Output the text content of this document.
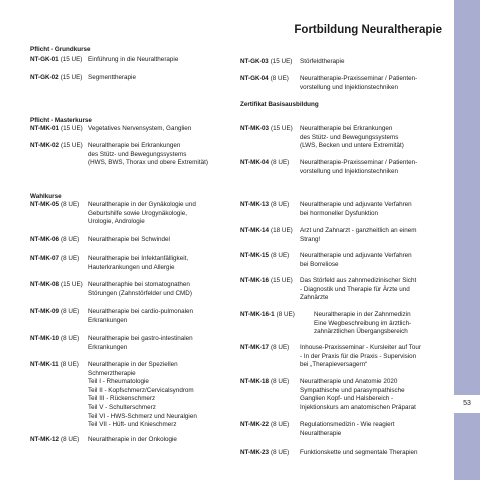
53
Fortbildung Neuraltherapie
Pflicht - Grundkurse
Pflicht - Masterkurse
Zertifikat Basisausbildung
Wahlkurse
NT-GK-01 (15 UE) Einführung in die Neuraltherapie
NT-GK-02 (15 UE) Segmenttherapie
NT-MK-01 (15 UE) Vegetatives Nervensystem, Ganglien
NT-MK-02 (15 UE) Neuraltherapie bei Erkrankungen
des Stütz- und Bewegungssystems
(HWS, BWS, Thorax und obere Extremität)
NT-MK-05 (8 UE) Neuraltherapie in der Gynäkologie und
Geburtshilfe sowie Urogynäkologie,
Urologie, Andrologie
NT-MK-06 (8 UE) Neuraltherapie bei Schwindel
NT-MK-07 (8 UE) Neuraltherapie bei Infektanfälligkeit,
Hauterkrankungen und Allergie
NT-MK-08 (15 UE) Neuraltheraphie bei stomatognathen
Störungen (Zahnstörfelder und CMD)
NT-MK-09 (8 UE) Neuraltherapie bei cardio-pulmonalen
Erkrankungen
NT-MK-10 (8 UE) Neuraltherapie bei gastro-intestinalen
Erkrankungen
NT-MK-11 (8 UE) Neuraltherapie in der Speziellen
Schmerztherapie
Teil I - Rheumatologie
Teil II - Kopfschmerz/Cervicalsyndrom
Teil III - Rückenschmerz
Teil V - Schulterschmerz
Teil VI - HWS-Schmerz und Neuralgien
Teil VII - Hüft- und Knieschmerz
NT-MK-12 (8 UE) Neuraltherapie in der Onkologie
NT-GK-03 (15 UE) Störfeldtherapie
NT-GK-04 (8 UE) Neuraltherapie-Praxisseminar / Patienten-
vorstellung und Injektionstechniken
NT-MK-03 (15 UE) Neuraltherapie bei Erkrankungen
des Stütz- und Bewegungssystems
(LWS, Becken und untere Extremität)
NT-MK-04 (8 UE) Neuraltherapie-Praxisseminar / Patienten-
vorstellung und Injektionstechniken
NT-MK-13 (8 UE) Neuraltherapie und adjuvante Verfahren
bei hormoneller Dysfunktion
NT-MK-14 (18 UE) Arzt und Zahnarzt - ganzheitlich an einem
Strang!
NT-MK-15 (8 UE) Neuraltherapie und adjuvante Verfahren
bei Borreliose
NT-MK-16 (15 UE) Das Störfeld aus zahnmedizinischer Sicht
- Diagnostik und Therapie für Ärzte und
Zahnärzte
NT-MK-16-1 (8 UE)	Neuraltherapie in der Zahnmedizin
Eine Wegbeschreibung im ärztlich-
zahnärztlichen Übergangsbereich
NT-MK-17 (8 UE) Inhouse-Praxisseminar - Kursleiter auf Tour
- In der Praxis für die Praxis - Supervision
bei „Therapieversagern“
NT-MK-18 (8 UE) Neuraltherapie und Anatomie 2020
Sympathische und parasympathische
Ganglien Kopf- und Halsbereich -
Injektionskurs am anatomischen Präparat
NT-MK-22 (8 UE) Regulationsmedizin - Wie reagiert
Neuraltherapie
NT-MK-23 (8 UE) Funktionskette und segmentale Therapien
